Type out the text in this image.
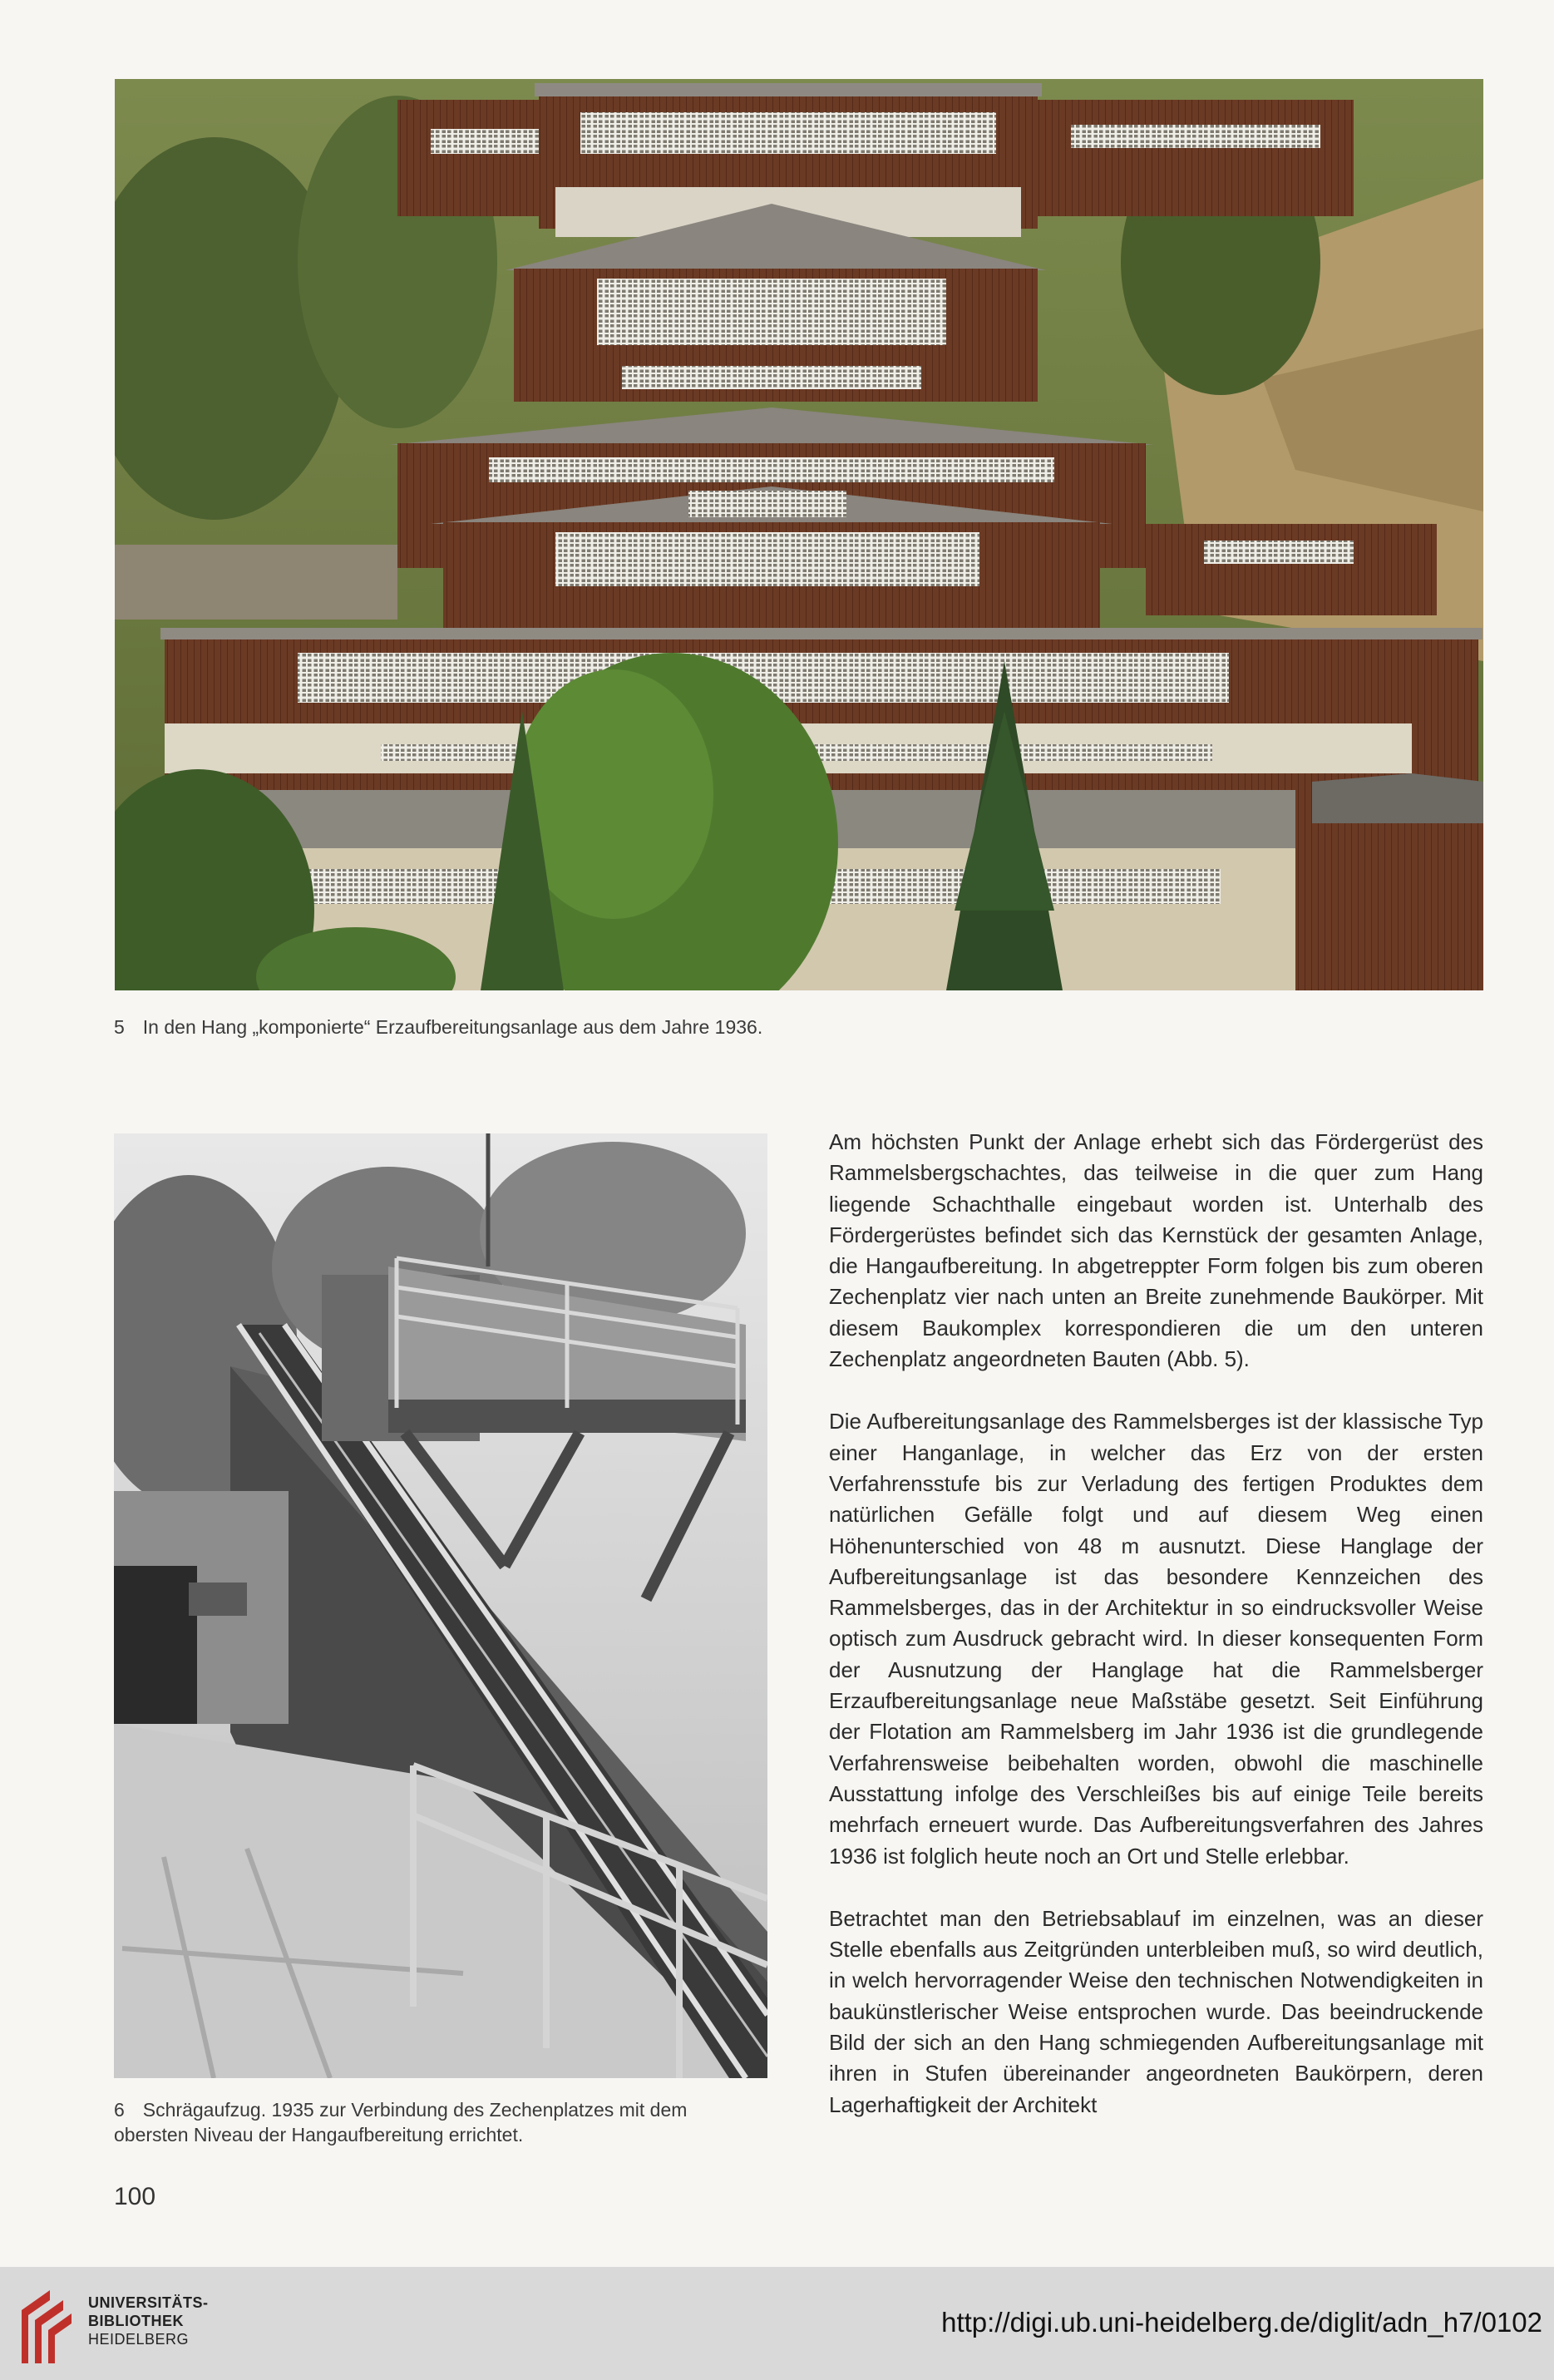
5 In den Hang „komponierte“ Erzaufbereitungsanlage aus dem Jahre 1936.
6 Schrägaufzug. 1935 zur Verbindung des Zechenplatzes mit dem
obersten Niveau der Hangaufbereitung errichtet.

Am höchsten Punkt der Anlage erhebt sich das Fördergerüst des Rammelsbergschachtes, das teilweise in die quer zum Hang liegende Schachthalle eingebaut worden ist. Unterhalb des Fördergerüstes befindet sich das Kernstück der gesamten Anlage, die Hangaufbereitung. In abgetreppter Form folgen bis zum oberen Zechenplatz vier nach unten an Breite zunehmende Baukörper. Mit diesem Baukomplex korrespondieren die um den unteren Zechenplatz angeordneten Bauten (Abb. 5).

Die Aufbereitungsanlage des Rammelsberges ist der klassische Typ einer Hanganlage, in welcher das Erz von der ersten Verfahrensstufe bis zur Verladung des fertigen Produktes dem natürlichen Gefälle folgt und auf diesem Weg einen Höhenunterschied von 48 m ausnutzt. Diese Hanglage der Aufbereitungsanlage ist das besondere Kennzeichen des Rammelsberges, das in der Architektur in so eindrucksvoller Weise optisch zum Ausdruck gebracht wird. In dieser konsequenten Form der Ausnutzung der Hanglage hat die Rammelsberger Erzaufbereitungsanlage neue Maßstäbe gesetzt. Seit Einführung der Flotation am Rammelsberg im Jahr 1936 ist die grundlegende Verfahrensweise beibehalten worden, obwohl die maschinelle Ausstattung infolge des Verschleißes bis auf einige Teile bereits mehrfach erneuert wurde. Das Aufbereitungsverfahren des Jahres 1936 ist folglich heute noch an Ort und Stelle erlebbar.

Betrachtet man den Betriebsablauf im einzelnen, was an dieser Stelle ebenfalls aus Zeitgründen unterbleiben muß, so wird deutlich, in welch hervorragender Weise den technischen Notwendigkeiten in baukünstlerischer Weise entsprochen wurde. Das beeindruckende Bild der sich an den Hang schmiegenden Aufbereitungsanlage mit ihren in Stufen übereinander angeordneten Baukörpern, deren Lagerhaftigkeit der Architekt

100
UNIVERSITÄTS-
BIBLIOTHEK
HEIDELBERG
http://digi.ub.uni-heidelberg.de/diglit/adn_h7/0102
